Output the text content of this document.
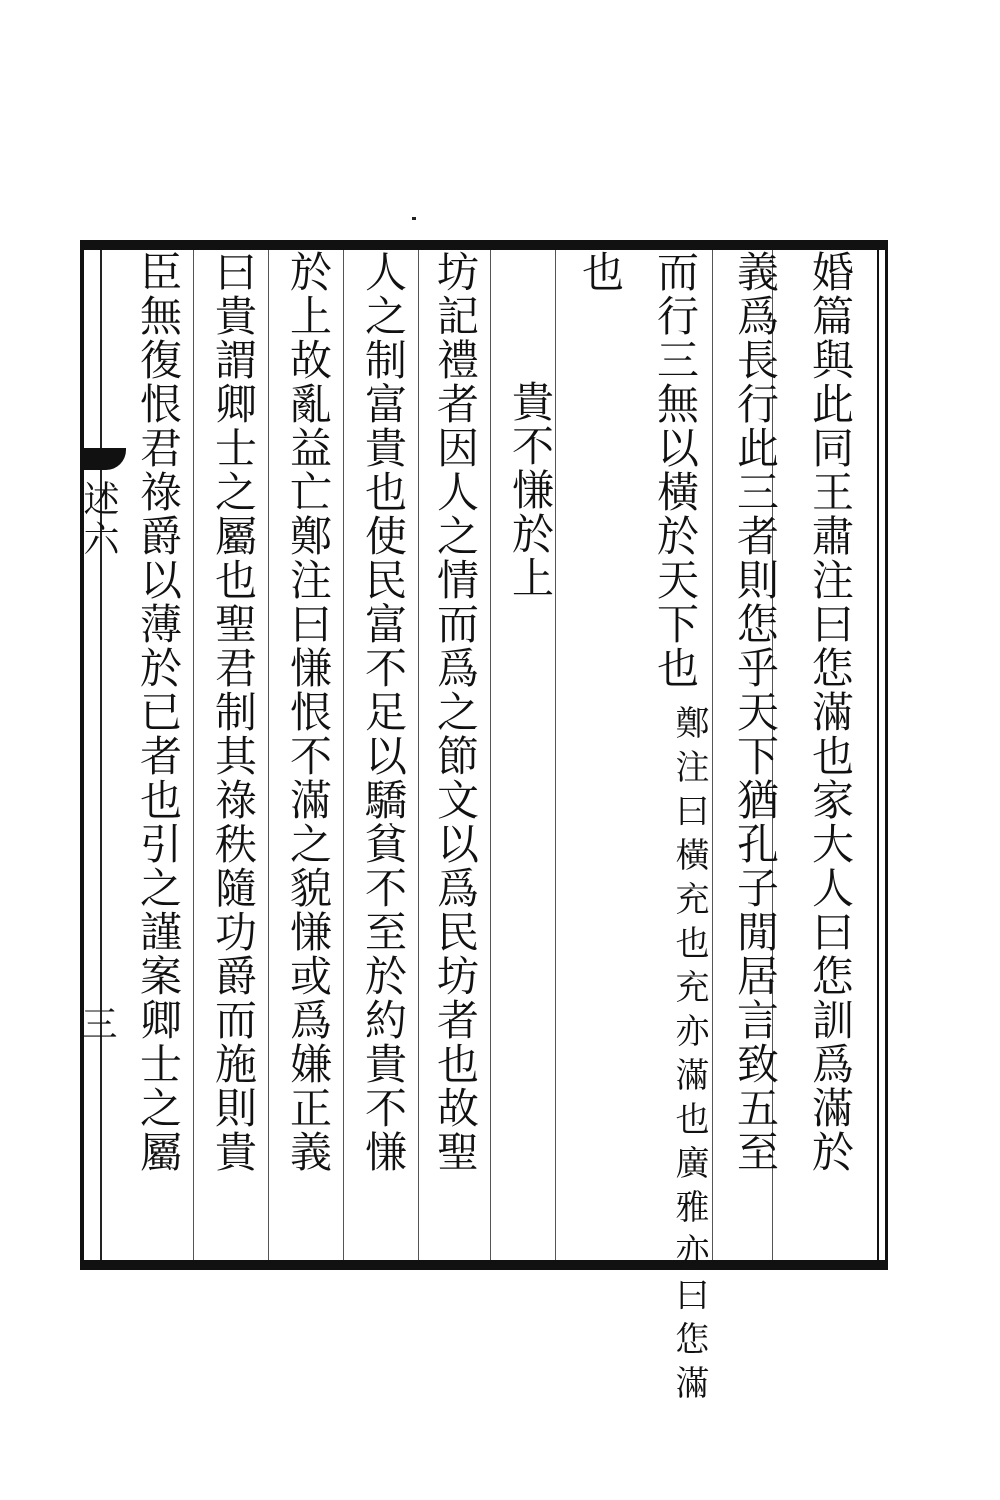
述六
三	婚篇與此同王肅注曰㤰滿也家大人曰㤰訓爲滿於
義爲長行此三者則㤰乎天下猶孔子閒居言致五至
而行三無以橫於天下也
鄭注曰橫充也充亦滿也廣雅亦曰㤰滿
也
貴不慊於上
坊記禮者因人之情而爲之節文以爲民坊者也故聖
人之制富貴也使民富不足以驕貧不至於約貴不慊
於上故亂益亡鄭注曰慊恨不滿之貌慊或爲嫌正義
曰貴謂卿士之屬也聖君制其祿秩隨功爵而施則貴
臣無復恨君祿爵以薄於已者也引之謹案卿士之屬
